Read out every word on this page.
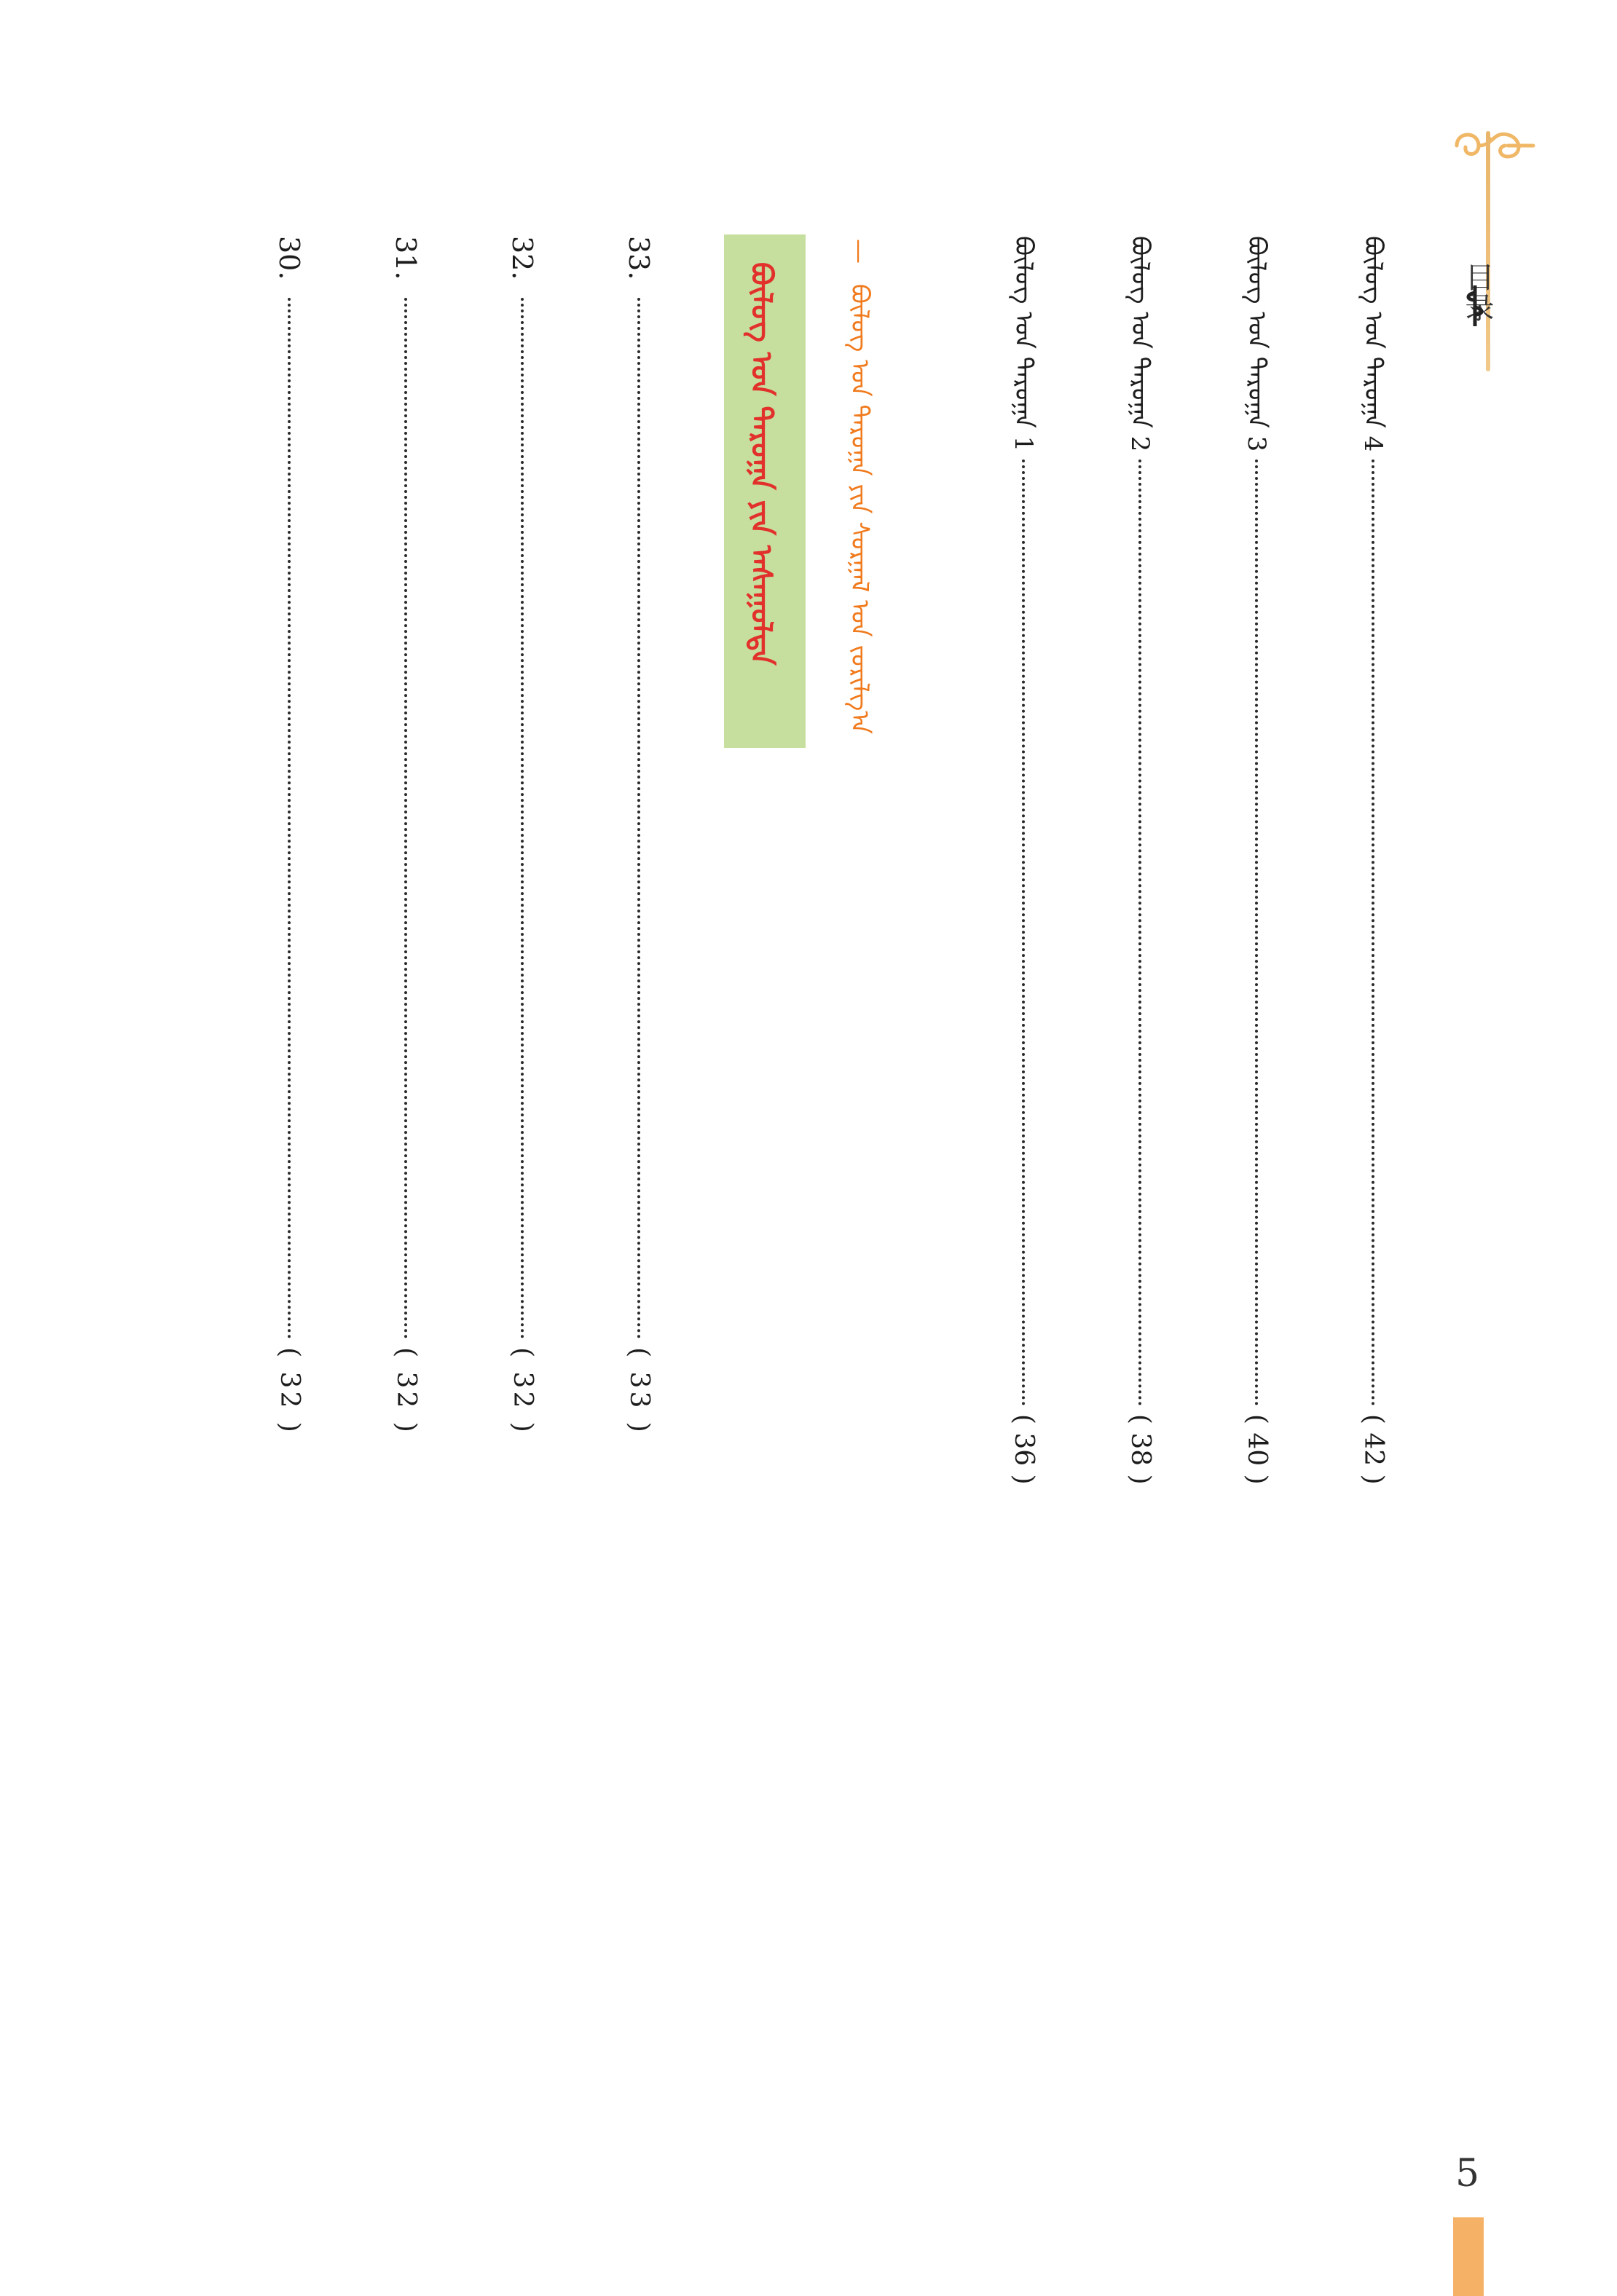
目录
ᠪᠦᠯᠦᠭ ᠤᠨ ᠳᠠᠷᠤᠭᠠ 4  ( 42 )
ᠪᠦᠯᠦᠭ ᠤᠨ ᠳᠠᠷᠤᠭᠠ 3  ( 40 )
ᠪᠦᠯᠦᠭ ᠤᠨ ᠳᠠᠷᠤᠭᠠ 2  ( 38 )
ᠪᠦᠯᠦᠭ ᠤᠨ ᠳᠠᠷᠤᠭᠠ 1  ( 36 )
— ᠪᠦᠯᠦᠭ ᠤᠨ ᠳᠠᠷᠤᠭᠠ ᠶᠢᠨ ᠰᠤᠷᠭᠠᠯ ᠤᠨ ᠵᠣᠷᠢᠯᠭ᠎ᠠ
ᠪᠦᠯᠦᠭ ᠤᠨ ᠳᠠᠷᠤᠭᠠ ᠶᠢᠨ ᠠᠰᠠᠭᠤᠯᠲᠠ
33.  ( 33 )
32.  ( 32 )
31.  ( 32 )
30.  ( 32 )
5
